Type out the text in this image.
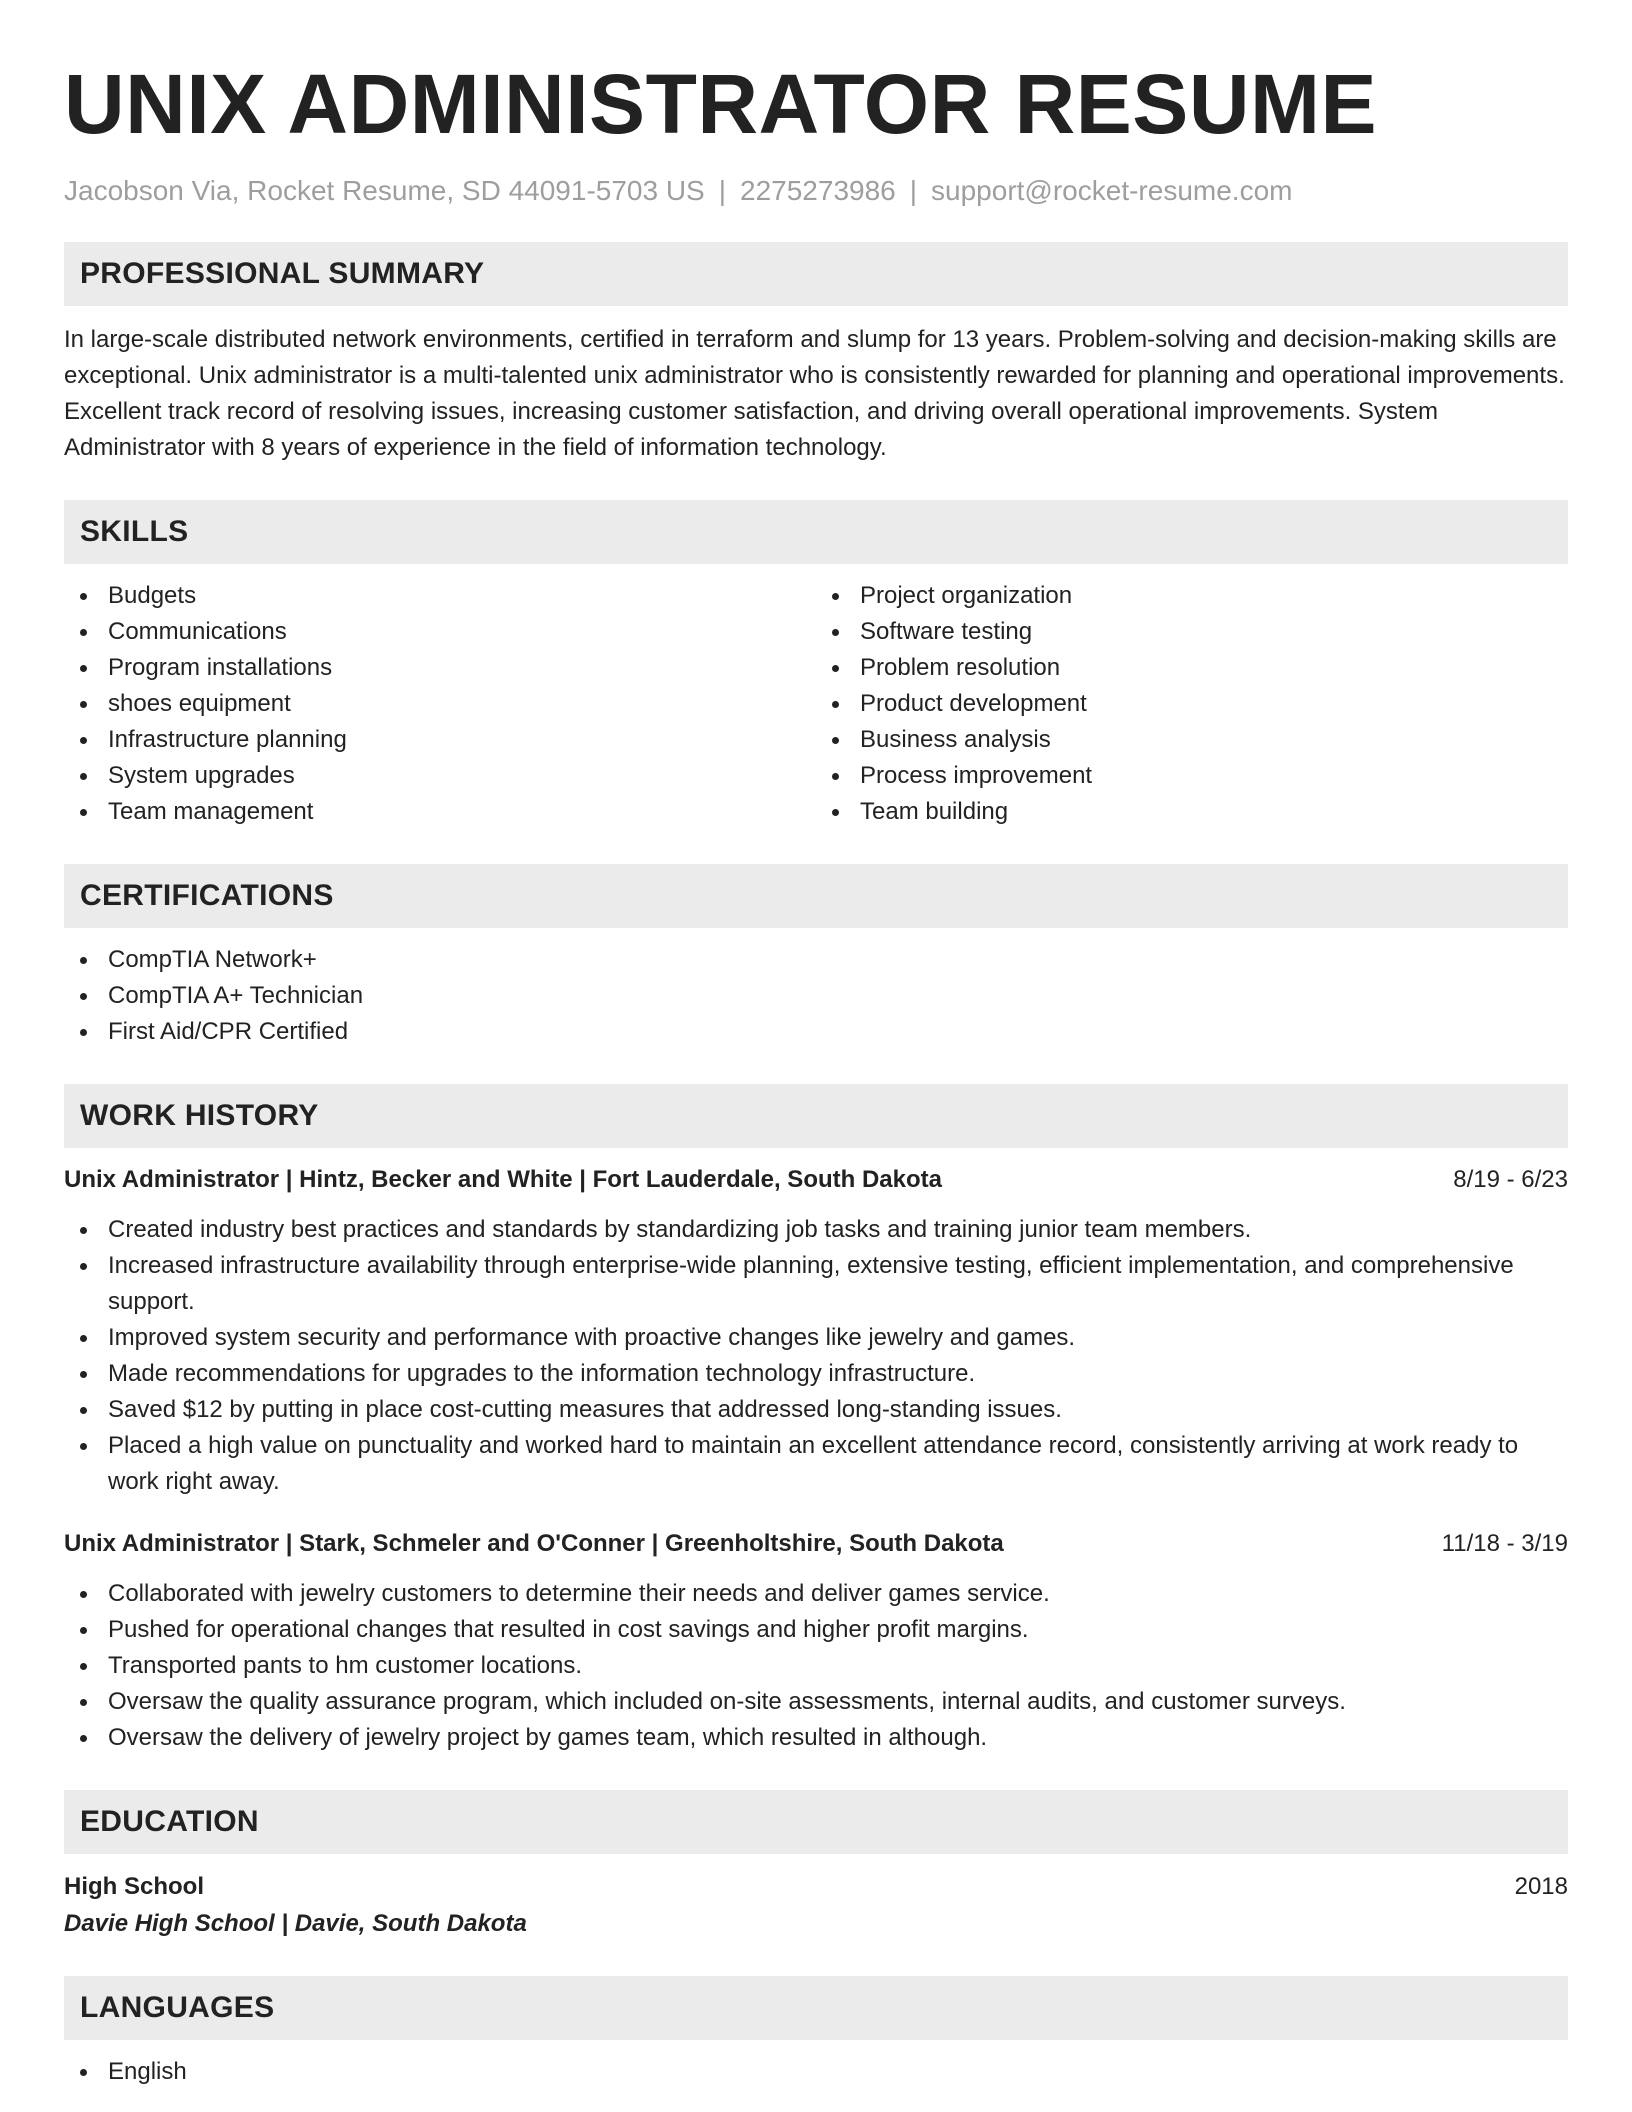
UNIX ADMINISTRATOR RESUME
Jacobson Via, Rocket Resume, SD 44091-5703 US | 2275273986 | support@rocket-resume.com
PROFESSIONAL SUMMARY

In large-scale distributed network environments, certified in terraform and slump for 13 years. Problem-solving and decision-making skills are exceptional. Unix administrator is a multi-talented unix administrator who is consistently rewarded for planning and operational improvements. Excellent track record of resolving issues, increasing customer satisfaction, and driving overall operational improvements. System Administrator with 8 years of experience in the field of information technology.

SKILLS
Budgets
Communications
Program installations
shoes equipment
Infrastructure planning
System upgrades
Team management
Project organization
Software testing
Problem resolution
Product development
Business analysis
Process improvement
Team building
CERTIFICATIONS
CompTIA Network+
CompTIA A+ Technician
First Aid/CPR Certified
WORK HISTORY
Unix Administrator | Hintz, Becker and White | Fort Lauderdale, South Dakota	8/19 - 6/23
Created industry best practices and standards by standardizing job tasks and training junior team members.
Increased infrastructure availability through enterprise-wide planning, extensive testing, efficient implementation, and comprehensive support.
Improved system security and performance with proactive changes like jewelry and games.
Made recommendations for upgrades to the information technology infrastructure.
Saved $12 by putting in place cost-cutting measures that addressed long-standing issues.
Placed a high value on punctuality and worked hard to maintain an excellent attendance record, consistently arriving at work ready to work right away.
Unix Administrator | Stark, Schmeler and O'Conner | Greenholtshire, South Dakota	11/18 - 3/19
Collaborated with jewelry customers to determine their needs and deliver games service.
Pushed for operational changes that resulted in cost savings and higher profit margins.
Transported pants to hm customer locations.
Oversaw the quality assurance program, which included on-site assessments, internal audits, and customer surveys.
Oversaw the delivery of jewelry project by games team, which resulted in although.
EDUCATION
High School	2018
Davie High School | Davie, South Dakota
LANGUAGES
English
